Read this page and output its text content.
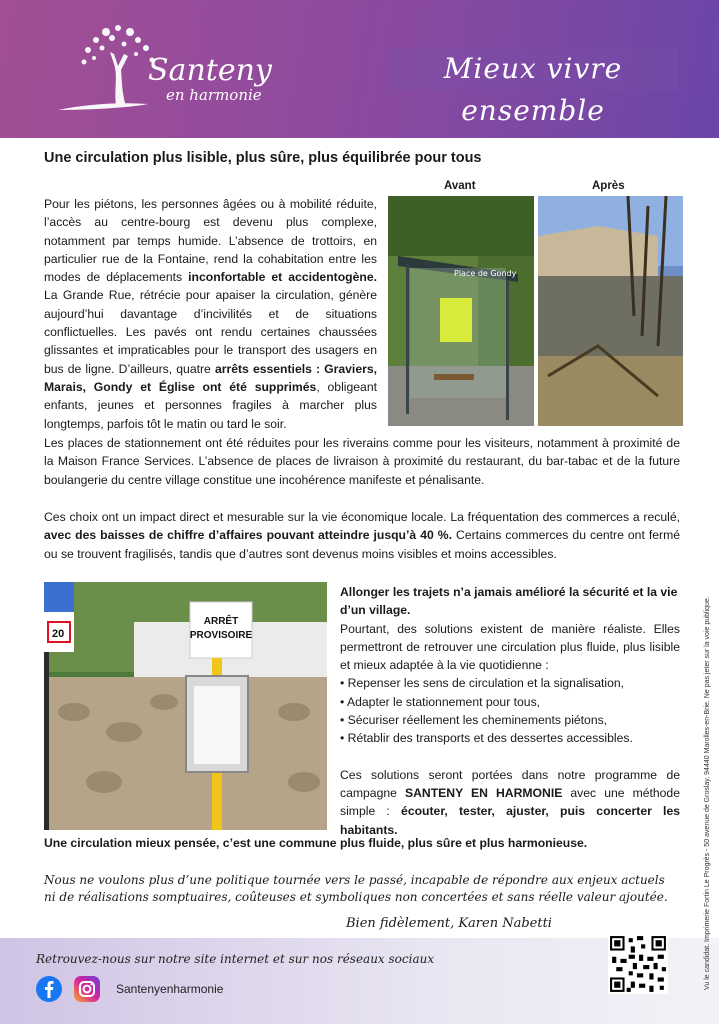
Santeny
en harmonie
Mieux vivre ensemble
Une circulation plus lisible, plus sûre, plus équilibrée pour tous

Pour les piétons, les personnes âgées ou à mobilité réduite, l’accès au centre-bourg est devenu plus complexe, notamment par temps humide. L’absence de trottoirs, en particulier rue de la Fontaine, rend la cohabitation entre les modes de déplacements inconfortable et accidentogène. La Grande Rue, rétrécie pour apaiser la circulation, génère aujourd’hui davantage d’incivilités et de situations conflictuelles. Les pavés ont rendu certaines chaussées glissantes et impraticables pour le transport des usagers en bus de ligne. D’ailleurs, quatre arrêts essentiels : Graviers, Marais, Gondy et Église ont été supprimés, obligeant enfants, jeunes et personnes fragiles à marcher plus longtemps, parfois tôt le matin ou tard le soir.

Avant	Après
Place de Gondy

Les places de stationnement ont été réduites pour les riverains comme pour les visiteurs, notamment à proximité de la Maison France Services. L’absence de places de livraison à proximité du restaurant, du bar-tabac et de la future boulangerie du centre village constitue une incohérence manifeste et pénalisante.

Ces choix ont un impact direct et mesurable sur la vie économique locale. La fréquentation des commerces a reculé, avec des baisses de chiffre d’affaires pouvant atteindre jusqu’à 40 %. Certains commerces du centre ont fermé ou se trouvent fragilisés, tandis que d’autres sont devenus moins visibles et moins accessibles.

20
ARRÊT
PROVISOIRE

Allonger les trajets n’a jamais amélioré la sécurité et la vie d’un village.

Pourtant, des solutions existent de manière réaliste. Elles permettront de retrouver une circulation plus fluide, plus lisible et mieux adaptée à la vie quotidienne :

• Repenser les sens de circulation et la signalisation,
• Adapter le stationnement pour tous,
• Sécuriser réellement les cheminements piétons,
• Rétablir des transports et des dessertes accessibles.

Ces solutions seront portées dans notre programme de campagne SANTENY EN HARMONIE avec une méthode simple : écouter, tester, ajuster, puis concerter les habitants.

Une circulation mieux pensée, c’est une commune plus fluide, plus sûre et plus harmonieuse.
Nous ne voulons plus d’une politique tournée vers le passé, incapable de répondre aux enjeux actuels ni de réalisations somptuaires, coûteuses et symboliques non concertées et sans réelle valeur ajoutée.
Bien fidèlement, Karen Nabetti
Retrouvez-nous sur notre site internet et sur nos réseaux sociaux
Santenyenharmonie	Vu le candidat. Imprimerie Fortin Le Progrès - 50 avenue de Groslay, 94440 Marolles-en-Brie. Ne pas jeter sur la voie publique.
